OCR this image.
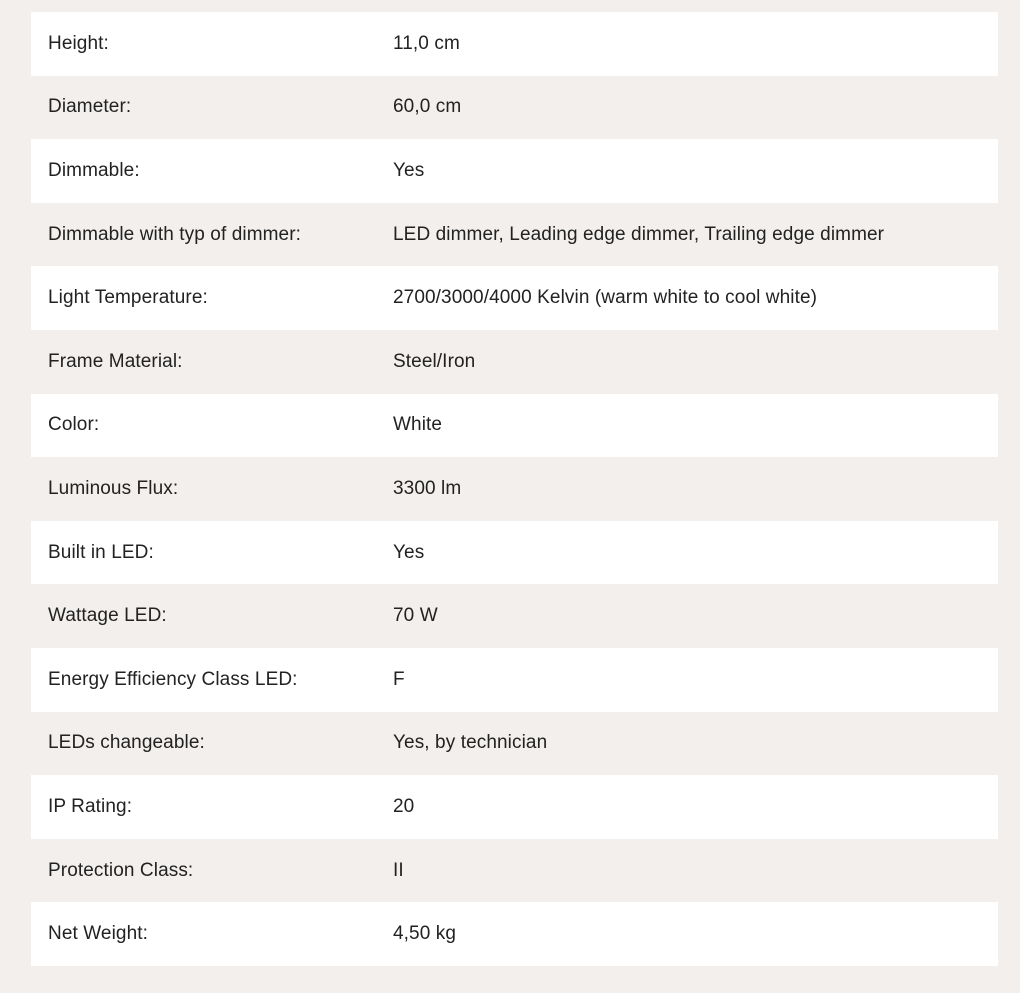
Height:	11,0 cm
Diameter:	60,0 cm
Dimmable:	Yes
Dimmable with typ of dimmer:	LED dimmer, Leading edge dimmer, Trailing edge dimmer
Light Temperature:	2700/3000/4000 Kelvin (warm white to cool white)
Frame Material:	Steel/Iron
Color:	White
Luminous Flux:	3300 lm
Built in LED:	Yes
Wattage LED:	70 W
Energy Efficiency Class LED:	F
LEDs changeable:	Yes, by technician
IP Rating:	20
Protection Class:	II
Net Weight:	4,50 kg
